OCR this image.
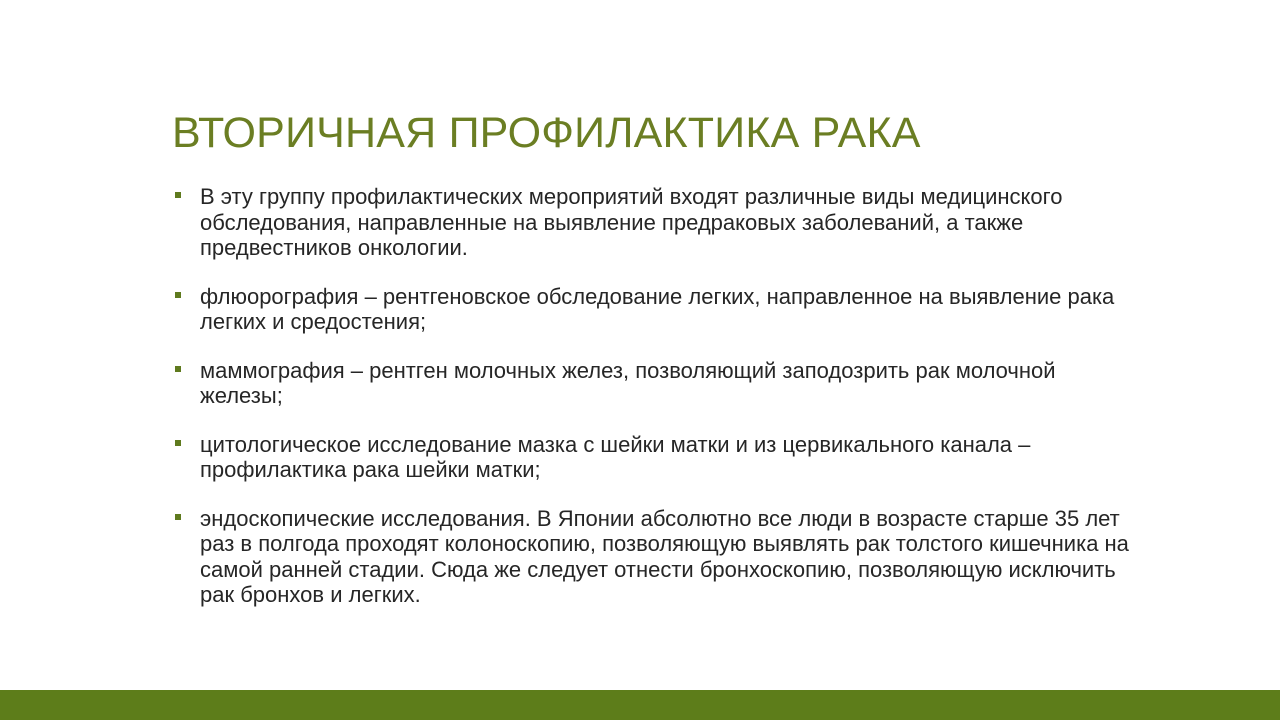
ВТОРИЧНАЯ ПРОФИЛАКТИКА РАКА
В эту группу профилактических мероприятий входят различные виды медицинского обследования, направленные на выявление предраковых заболеваний, а также предвестников онкологии.
флюорография – рентгеновское обследование легких, направленное на выявление рака легких и средостения;
маммография – рентген молочных желез, позволяющий заподозрить рак молочной железы;
цитологическое исследование мазка с шейки матки и из цервикального канала – профилактика рака шейки матки;
эндоскопические исследования. В Японии абсолютно все люди в возрасте старше 35 лет раз в полгода проходят колоноскопию, позволяющую выявлять рак толстого кишечника на самой ранней стадии. Сюда же следует отнести бронхоскопию, позволяющую исключить рак бронхов и легких.
